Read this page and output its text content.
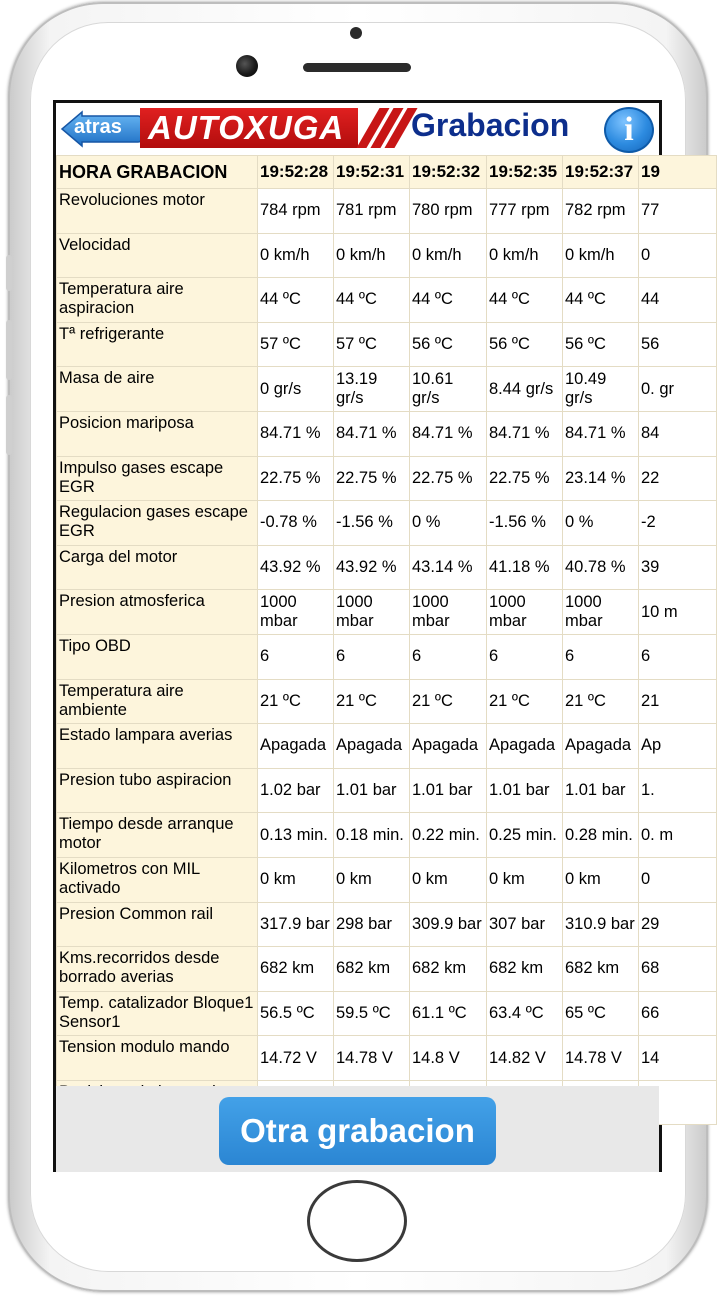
atras AUTOXUGA Grabacion	i
HORA GRABACION	19:52:28	19:52:31	19:52:32	19:52:35	19:52:37	19
Revoluciones motor	784 rpm	781 rpm	780 rpm	777 rpm	782 rpm	77
Velocidad	0 km/h	0 km/h	0 km/h	0 km/h	0 km/h	0
Temperatura aire aspiracion	44 ºC	44 ºC	44 ºC	44 ºC	44 ºC	44
Tª refrigerante	57 ºC	57 ºC	56 ºC	56 ºC	56 ºC	56
Masa de aire	0 gr/s	13.19 gr/s	10.61 gr/s	8.44 gr/s	10.49 gr/s	0. gr
Posicion mariposa	84.71 %	84.71 %	84.71 %	84.71 %	84.71 %	84
Impulso gases escape EGR	22.75 %	22.75 %	22.75 %	22.75 %	23.14 %	22
Regulacion gases escape EGR	-0.78 %	-1.56 %	0 %	-1.56 %	0 %	-2
Carga del motor	43.92 %	43.92 %	43.14 %	41.18 %	40.78 %	39
Presion atmosferica	1000 mbar	1000 mbar	1000 mbar	1000 mbar	1000 mbar	10 m
Tipo OBD	6	6	6	6	6	6
Temperatura aire ambiente	21 ºC	21 ºC	21 ºC	21 ºC	21 ºC	21
Estado lampara averias	Apagada	Apagada	Apagada	Apagada	Apagada	Ap
Presion tubo aspiracion	1.02 bar	1.01 bar	1.01 bar	1.01 bar	1.01 bar	1.
Tiempo desde arranque motor	0.13 min.	0.18 min.	0.22 min.	0.25 min.	0.28 min.	0. m
Kilometros con MIL activado	0 km	0 km	0 km	0 km	0 km	0
Presion Common rail	317.9 bar	298 bar	309.9 bar	307 bar	310.9 bar	29
Kms.recorridos desde borrado averias	682 km	682 km	682 km	682 km	682 km	68
Temp. catalizador Bloque1 Sensor1	56.5 ºC	59.5 ºC	61.1 ºC	63.4 ºC	65 ºC	66
Tension modulo mando	14.72 V	14.78 V	14.8 V	14.82 V	14.78 V	14

Otra grabacion
